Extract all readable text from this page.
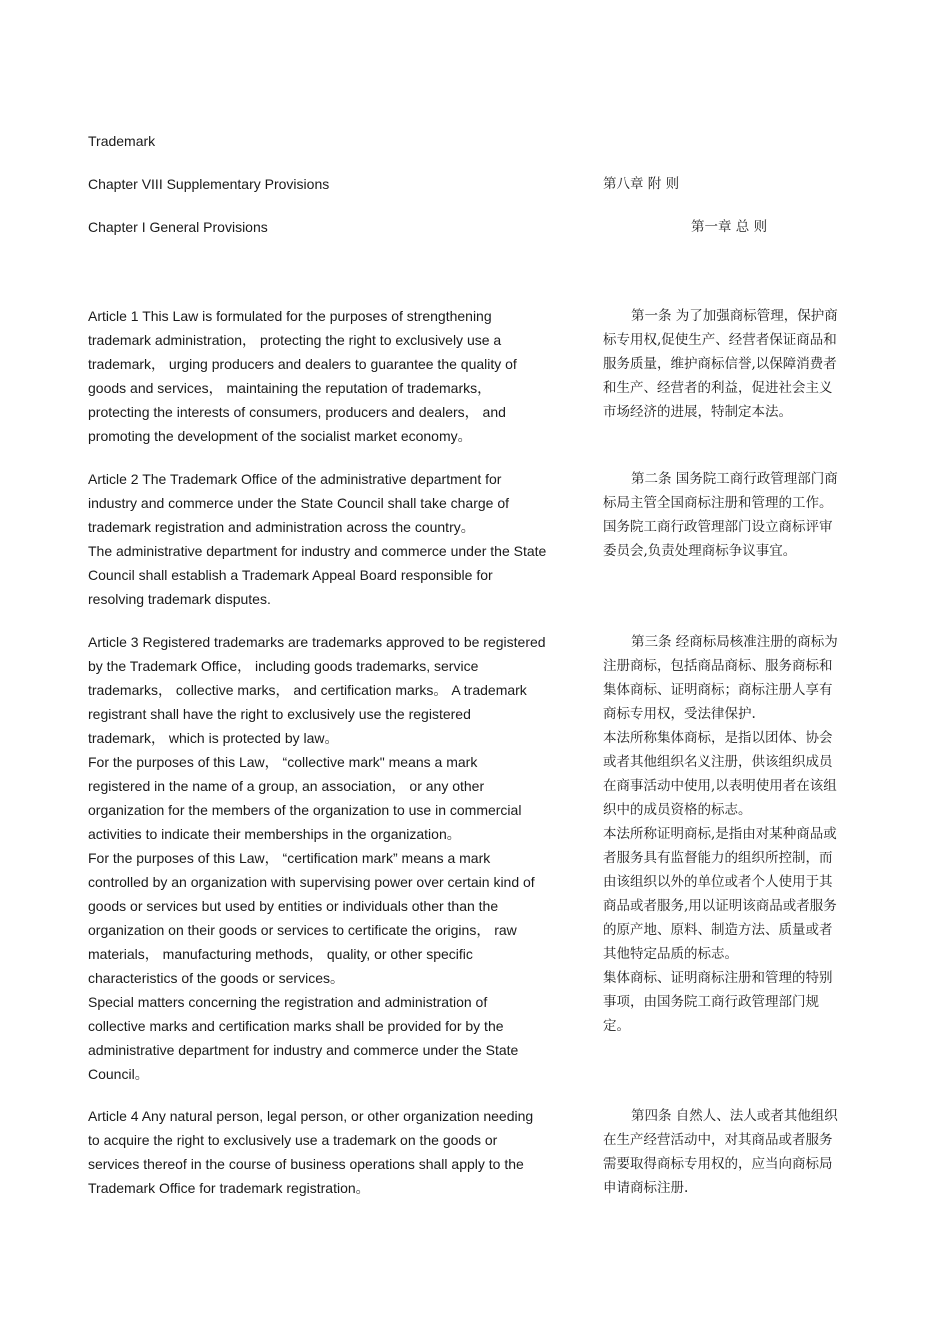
Trademark
Chapter VIII Supplementary Provisions	第八章 附 则
Chapter I General Provisions	第一章 总 则
Article 1 This Law is formulated for the purposes of strengthening
trademark administration， protecting the right to exclusively use a
trademark， urging producers and dealers to guarantee the quality of
goods and services， maintaining the reputation of trademarks，
protecting the interests of consumers, producers and dealers， and
promoting the development of the socialist market economy。
第一条 为了加强商标管理，保护商
标专用权,促使生产、经营者保证商品和
服务质量，维护商标信誉,以保障消费者
和生产、经营者的利益，促进社会主义
市场经济的进展，特制定本法。
Article 2 The Trademark Office of the administrative department for
industry and commerce under the State Council shall take charge of
trademark registration and administration across the country。
The administrative department for industry and commerce under the State
Council shall establish a Trademark Appeal Board responsible for
resolving trademark disputes.
第二条 国务院工商行政管理部门商
标局主管全国商标注册和管理的工作。
国务院工商行政管理部门设立商标评审
委员会,负责处理商标争议事宜。
Article 3 Registered trademarks are trademarks approved to be registered
by the Trademark Office， including goods trademarks, service
trademarks， collective marks， and certification marks。 A trademark
registrant shall have the right to exclusively use the registered
trademark， which is protected by law。
For the purposes of this Law， “collective mark" means a mark
registered in the name of a group, an association， or any other
organization for the members of the organization to use in commercial
activities to indicate their memberships in the organization。
For the purposes of this Law， “certification mark” means a mark
controlled by an organization with supervising power over certain kind of
goods or services but used by entities or individuals other than the
organization on their goods or services to certificate the origins， raw
materials， manufacturing methods， quality, or other specific
characteristics of the goods or services。
Special matters concerning the registration and administration of
collective marks and certification marks shall be provided for by the
administrative department for industry and commerce under the State
Council。
第三条 经商标局核准注册的商标为
注册商标，包括商品商标、服务商标和
集体商标、证明商标；商标注册人享有
商标专用权，受法律保护.
本法所称集体商标，是指以团体、协会
或者其他组织名义注册，供该组织成员
在商事活动中使用,以表明使用者在该组
织中的成员资格的标志。
本法所称证明商标,是指由对某种商品或
者服务具有监督能力的组织所控制，而
由该组织以外的单位或者个人使用于其
商品或者服务,用以证明该商品或者服务
的原产地、原料、制造方法、质量或者
其他特定品质的标志。
集体商标、证明商标注册和管理的特别
事项，由国务院工商行政管理部门规
定。
Article 4 Any natural person, legal person, or other organization needing
to acquire the right to exclusively use a trademark on the goods or
services thereof in the course of business operations shall apply to the
Trademark Office for trademark registration。
第四条 自然人、法人或者其他组织
在生产经营活动中，对其商品或者服务
需要取得商标专用权的，应当向商标局
申请商标注册.
